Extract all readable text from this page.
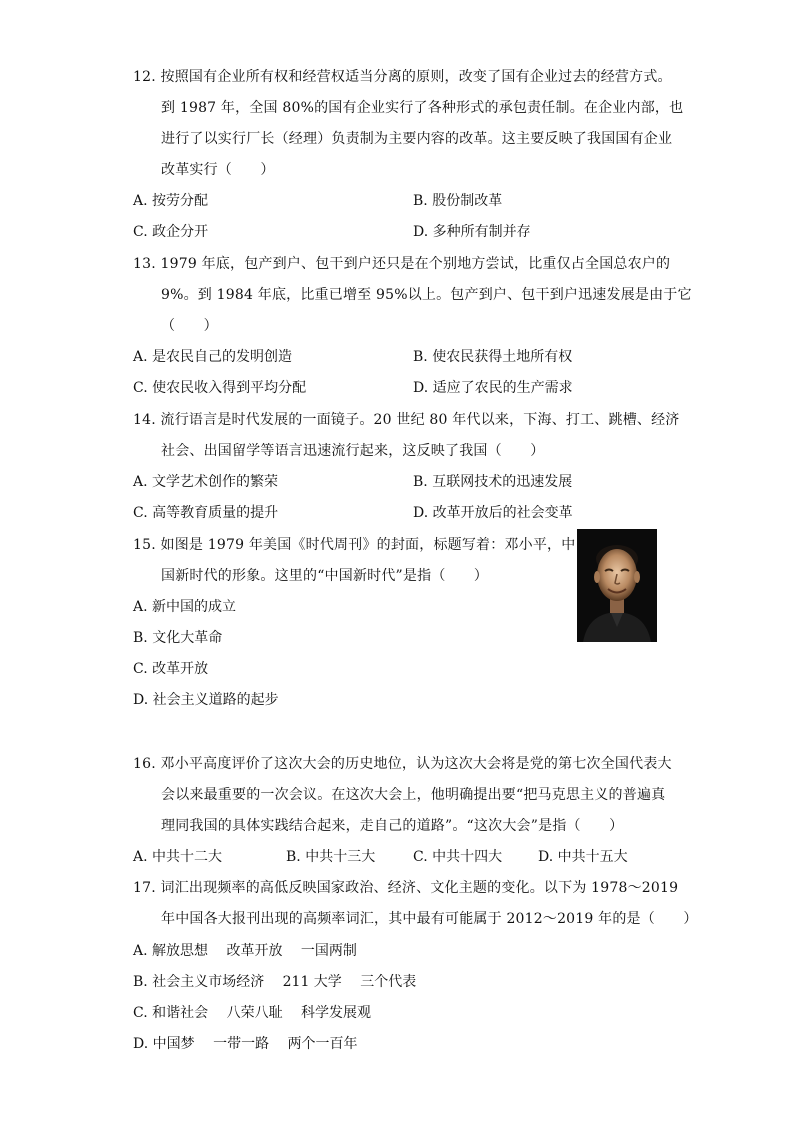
12. 按照国有企业所有权和经营权适当分离的原则，改变了国有企业过去的经营方式。
到 1987 年，全国 80%的国有企业实行了各种形式的承包责任制。在企业内部，也
进行了以实行厂长（经理）负责制为主要内容的改革。这主要反映了我国国有企业
改革实行（　　）
A. 按劳分配	B. 股份制改革
C. 政企分开	D. 多种所有制并存
13. 1979 年底，包产到户、包干到户还只是在个别地方尝试，比重仅占全国总农户的
9%。到 1984 年底，比重已增至 95%以上。包产到户、包干到户迅速发展是由于它
（　　）
A. 是农民自己的发明创造	B. 使农民获得土地所有权
C. 使农民收入得到平均分配	D. 适应了农民的生产需求
14. 流行语言是时代发展的一面镜子。20 世纪 80 年代以来，下海、打工、跳槽、经济
社会、出国留学等语言迅速流行起来，这反映了我国（　　）
A. 文学艺术创作的繁荣	B. 互联网技术的迅速发展
C. 高等教育质量的提升	D. 改革开放后的社会变革
15. 如图是 1979 年美国《时代周刊》的封面，标题写着：邓小平，中
国新时代的形象。这里的“中国新时代”是指（　　）
A. 新中国的成立
B. 文化大革命
C. 改革开放
D. 社会主义道路的起步
16. 邓小平高度评价了这次大会的历史地位，认为这次大会将是党的第七次全国代表大
会以来最重要的一次会议。在这次大会上，他明确提出要“把马克思主义的普遍真
理同我国的具体实践结合起来，走自己的道路”。“这次大会”是指（　　）
A. 中共十二大	B. 中共十三大	C. 中共十四大	D. 中共十五大
17. 词汇出现频率的高低反映国家政治、经济、文化主题的变化。以下为 1978～2019
年中国各大报刊出现的高频率词汇，其中最有可能属于 2012～2019 年的是（　　）
A. 解放思想　 改革开放　 一国两制
B. 社会主义市场经济　 211 大学　 三个代表
C. 和谐社会　 八荣八耻　 科学发展观
D. 中国梦　 一带一路　 两个一百年
